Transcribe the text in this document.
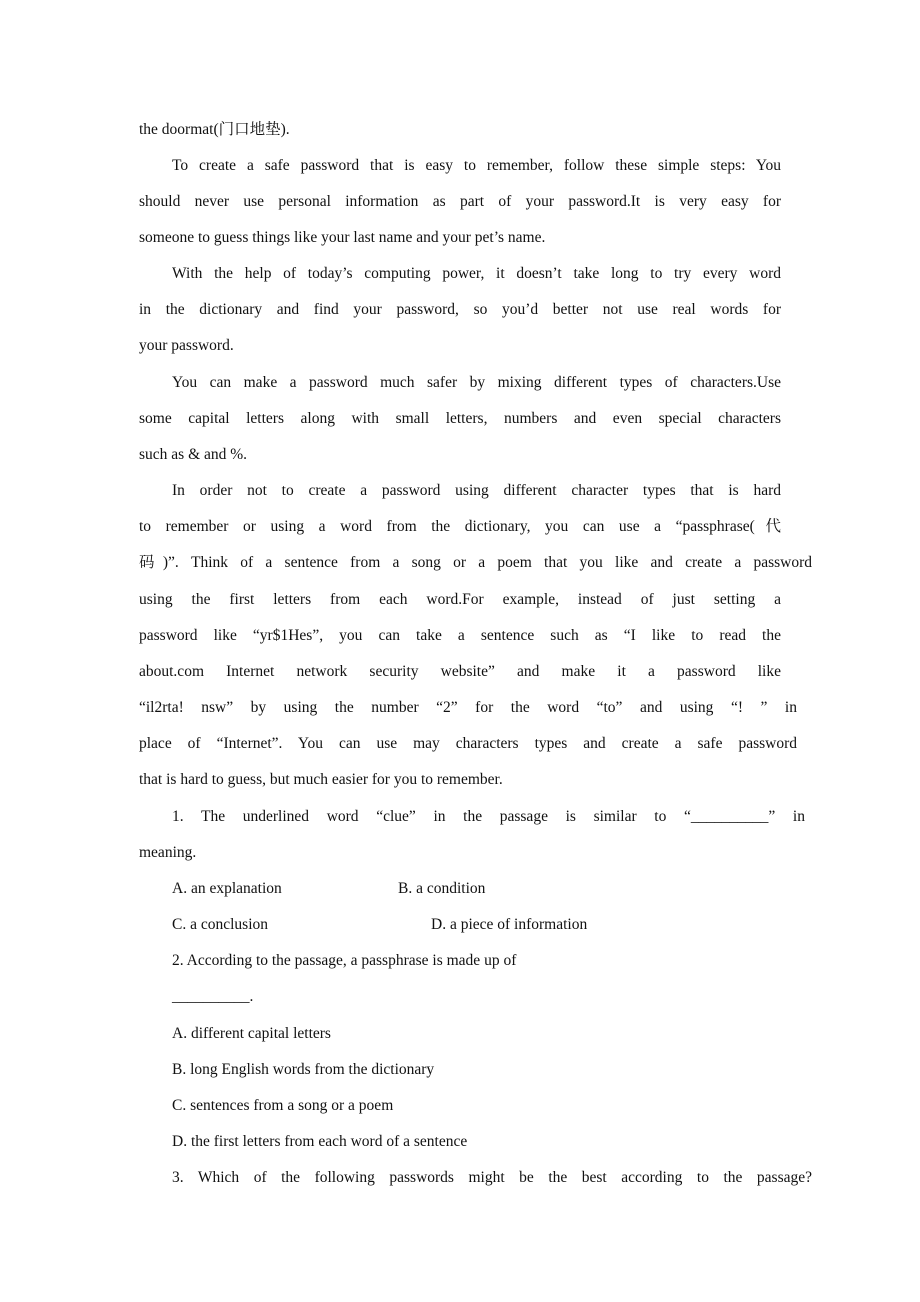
the doormat(门口地垫).
To create a safe password that is easy to remember, follow these simple steps: You
should never use personal information as part of your password.It is very easy for
someone to guess things like your last name and your pet’s name.
With the help of today’s computing power, it doesn’t take long to try every word
in the dictionary and find your password, so you’d better not use real words for
your password.
You can make a password much safer by mixing different types of characters.Use
some capital letters along with small letters, numbers and even special characters
such as & and %.
In order not to create a password using different character types that is hard
to remember or using a word from the dictionary, you can use a “passphrase(代
码)”. Think of a sentence from a song or a poem that you like and create a password
using the first letters from each word.For example, instead of just setting a
password like “yr$1Hes”, you can take a sentence such as “I like to read the
about.com Internet network security website” and make it a password like
“il2rta! nsw” by using the number “2” for the word “to” and using “! ” in
place of “Internet”. You can use may characters types and create a safe password
that is hard to guess, but much easier for you to remember.
1. The underlined word “clue” in the passage is similar to “__________” in
meaning.
A. an explanation	B. a condition
C. a conclusion	D. a piece of information
2. According to the passage, a passphrase is made up of
__________.
A. different capital letters
B. long English words from the dictionary
C. sentences from a song or a poem
D. the first letters from each word of a sentence
3. Which of the following passwords might be the best according to the passage?
